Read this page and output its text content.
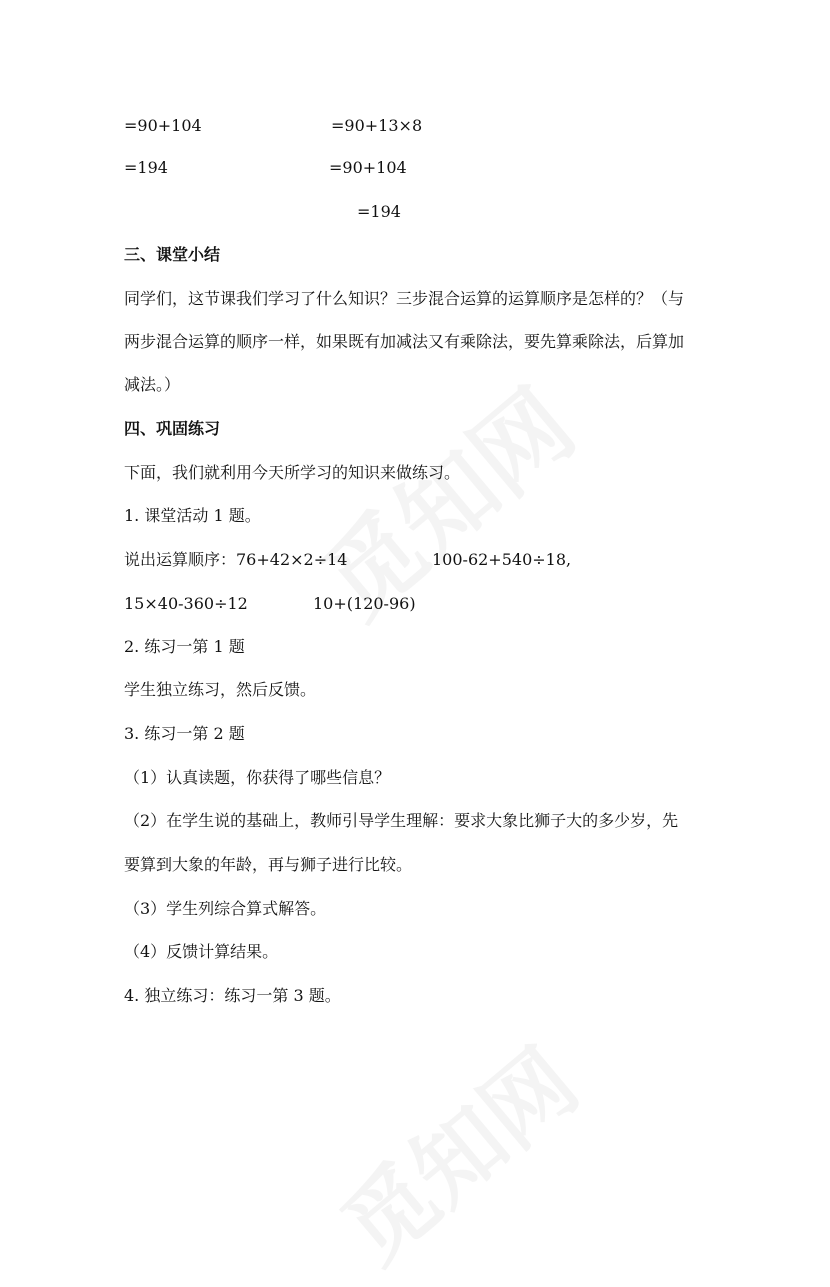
=90+104	=90+13×8
=194	=90+104
=194
三、课堂小结
同学们，这节课我们学习了什么知识？三步混合运算的运算顺序是怎样的？（与
两步混合运算的顺序一样，如果既有加减法又有乘除法，要先算乘除法，后算加
减法。）
四、巩固练习
下面，我们就利用今天所学习的知识来做练习。
1. 课堂活动 1 题。
说出运算顺序：76+42×2÷14	100-62+540÷18,
15×40-360÷12	10+(120-96)
2. 练习一第 1 题
学生独立练习，然后反馈。
3. 练习一第 2 题
（1）认真读题，你获得了哪些信息？
（2）在学生说的基础上，教师引导学生理解：要求大象比狮子大的多少岁，先
要算到大象的年龄，再与狮子进行比较。
（3）学生列综合算式解答。
（4）反馈计算结果。
4. 独立练习：练习一第 3 题。
